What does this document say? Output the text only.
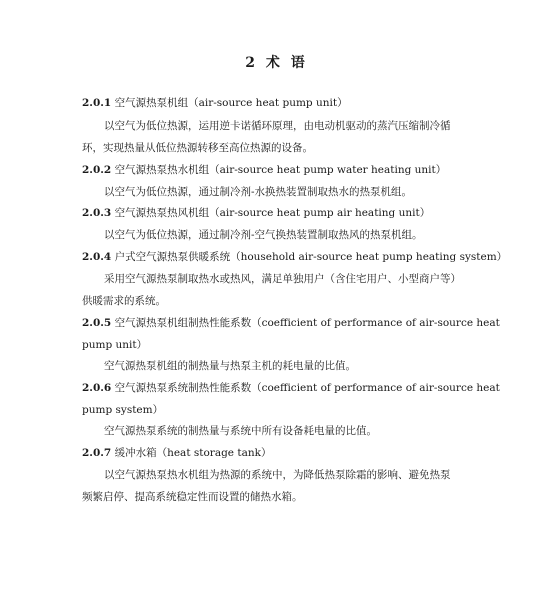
2 术 语
2.0.1 空气源热泵机组（air-source heat pump unit）
以空气为低位热源，运用逆卡诺循环原理，由电动机驱动的蒸汽压缩制冷循
环，实现热量从低位热源转移至高位热源的设备。
2.0.2 空气源热泵热水机组（air-source heat pump water heating unit）
以空气为低位热源，通过制冷剂-水换热装置制取热水的热泵机组。
2.0.3 空气源热泵热风机组（air-source heat pump air heating unit）
以空气为低位热源，通过制冷剂-空气换热装置制取热风的热泵机组。
2.0.4 户式空气源热泵供暖系统（household air-source heat pump heating system）
采用空气源热泵制取热水或热风，满足单独用户（含住宅用户、小型商户等）
供暖需求的系统。
2.0.5 空气源热泵机组制热性能系数（coefficient of performance of air-source heat
pump unit）
空气源热泵机组的制热量与热泵主机的耗电量的比值。
2.0.6 空气源热泵系统制热性能系数（coefficient of performance of air-source heat
pump system）
空气源热泵系统的制热量与系统中所有设备耗电量的比值。
2.0.7 缓冲水箱（heat storage tank）
以空气源热泵热水机组为热源的系统中，为降低热泵除霜的影响、避免热泵
频繁启停、提高系统稳定性而设置的储热水箱。
